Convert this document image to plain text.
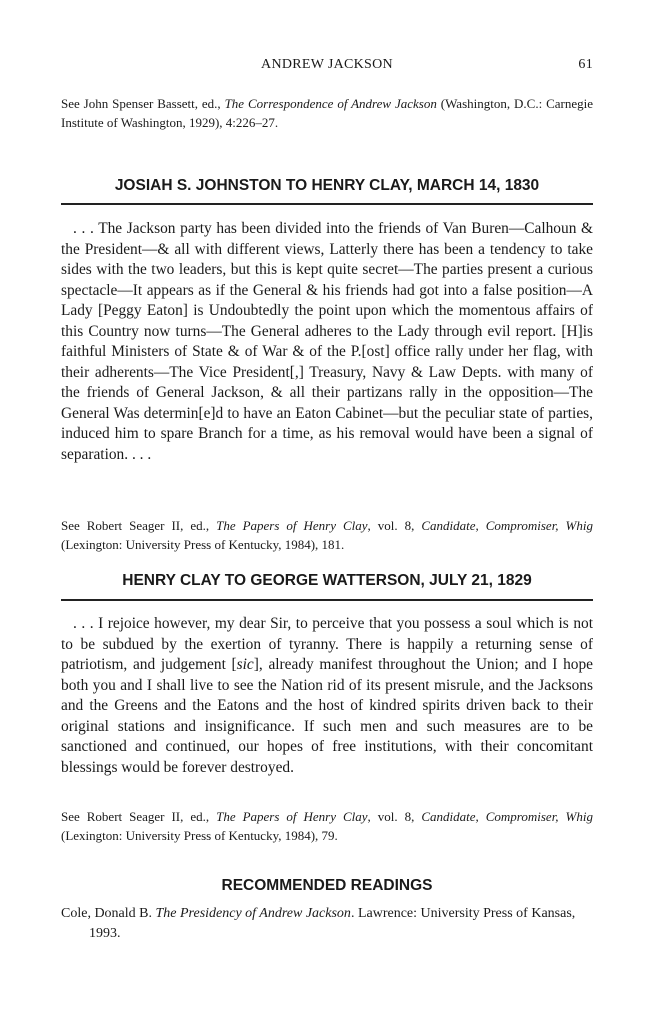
ANDREW JACKSON	61

See John Spenser Bassett, ed., The Correspondence of Andrew Jackson (Washington, D.C.: Carnegie Institute of Washington, 1929), 4:226–27.

JOSIAH S. JOHNSTON TO HENRY CLAY, MARCH 14, 1830

. . . The Jackson party has been divided into the friends of Van Buren—Calhoun & the President—& all with different views, Latterly there has been a tendency to take sides with the two leaders, but this is kept quite secret—The parties present a curious spectacle—It appears as if the General & his friends had got into a false position—A Lady [Peggy Eaton] is Undoubtedly the point upon which the momentous affairs of this Country now turns—The General adheres to the Lady through evil report. [H]is faithful Ministers of State & of War & of the P.[ost] office rally under her flag, with their adherents—The Vice President[,] Treasury, Navy & Law Depts. with many of the friends of General Jackson, & all their partizans rally in the opposition—The General Was determin[e]d to have an Eaton Cabinet—but the peculiar state of parties, induced him to spare Branch for a time, as his removal would have been a signal of separation. . . .

See Robert Seager II, ed., The Papers of Henry Clay, vol. 8, Candidate, Compromiser, Whig (Lexington: University Press of Kentucky, 1984), 181.

HENRY CLAY TO GEORGE WATTERSON, JULY 21, 1829

. . . I rejoice however, my dear Sir, to perceive that you possess a soul which is not to be subdued by the exertion of tyranny. There is happily a returning sense of patriotism, and judgement [sic], already manifest throughout the Union; and I hope both you and I shall live to see the Nation rid of its present misrule, and the Jacksons and the Greens and the Eatons and the host of kindred spirits driven back to their original stations and insignificance. If such men and such measures are to be sanctioned and continued, our hopes of free institutions, with their concomitant blessings would be forever destroyed.

See Robert Seager II, ed., The Papers of Henry Clay, vol. 8, Candidate, Compromiser, Whig (Lexington: University Press of Kentucky, 1984), 79.

RECOMMENDED READINGS

Cole, Donald B. The Presidency of Andrew Jackson. Lawrence: University Press of Kansas, 1993.
